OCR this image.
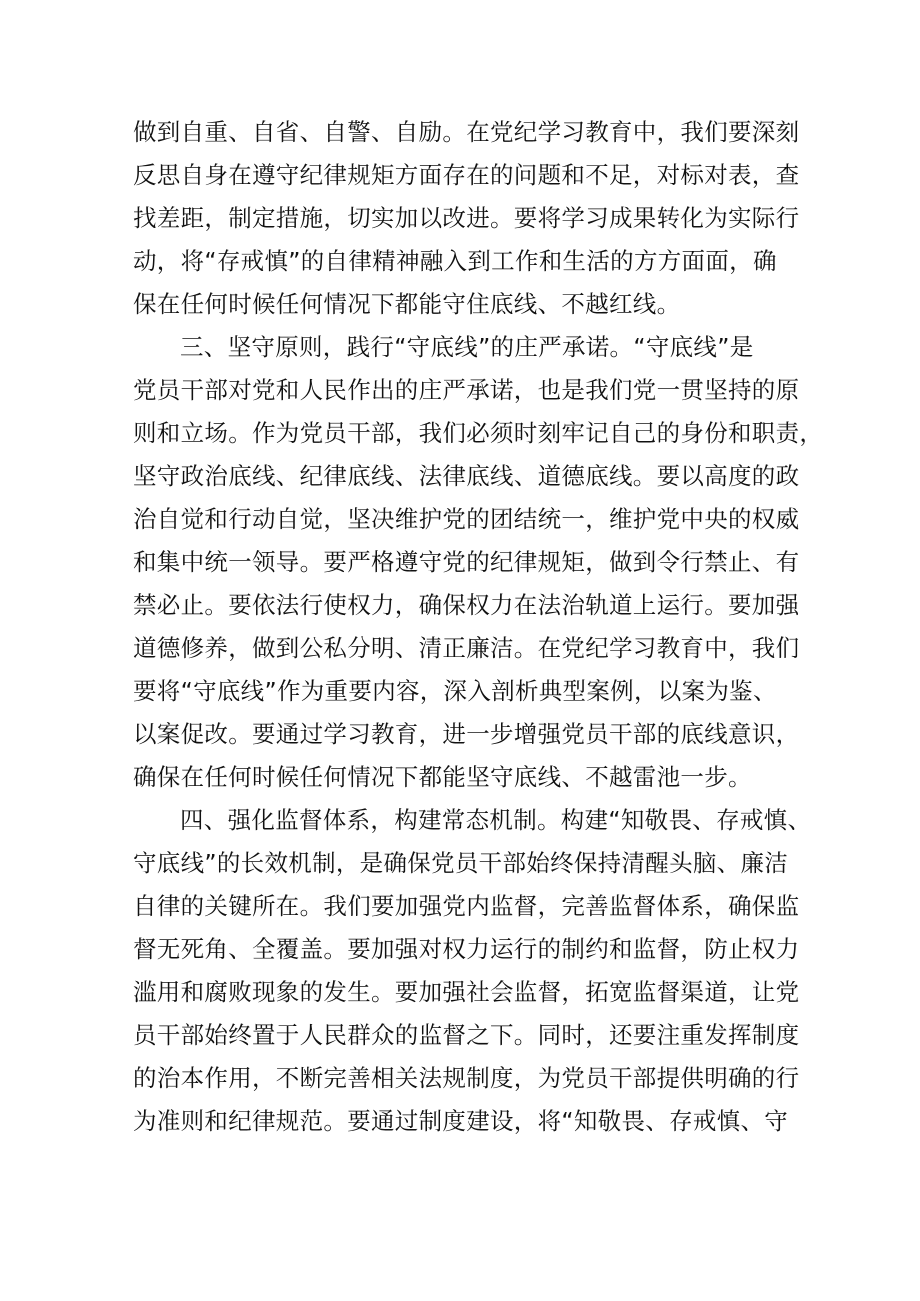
做到自重、自省、自警、自励。在党纪学习教育中，我们要深刻
反思自身在遵守纪律规矩方面存在的问题和不足，对标对表，查
找差距，制定措施，切实加以改进。要将学习成果转化为实际行
动，将“存戒慎”的自律精神融入到工作和生活的方方面面，确
保在任何时候任何情况下都能守住底线、不越红线。
三、坚守原则，践行“守底线”的庄严承诺。“守底线”是
党员干部对党和人民作出的庄严承诺，也是我们党一贯坚持的原
则和立场。作为党员干部，我们必须时刻牢记自己的身份和职责，
坚守政治底线、纪律底线、法律底线、道德底线。要以高度的政
治自觉和行动自觉，坚决维护党的团结统一，维护党中央的权威
和集中统一领导。要严格遵守党的纪律规矩，做到令行禁止、有
禁必止。要依法行使权力，确保权力在法治轨道上运行。要加强
道德修养，做到公私分明、清正廉洁。在党纪学习教育中，我们
要将“守底线”作为重要内容，深入剖析典型案例，以案为鉴、
以案促改。要通过学习教育，进一步增强党员干部的底线意识，
确保在任何时候任何情况下都能坚守底线、不越雷池一步。
四、强化监督体系，构建常态机制。构建“知敬畏、存戒慎、
守底线”的长效机制，是确保党员干部始终保持清醒头脑、廉洁
自律的关键所在。我们要加强党内监督，完善监督体系，确保监
督无死角、全覆盖。要加强对权力运行的制约和监督，防止权力
滥用和腐败现象的发生。要加强社会监督，拓宽监督渠道，让党
员干部始终置于人民群众的监督之下。同时，还要注重发挥制度
的治本作用，不断完善相关法规制度，为党员干部提供明确的行
为准则和纪律规范。要通过制度建设，将“知敬畏、存戒慎、守
